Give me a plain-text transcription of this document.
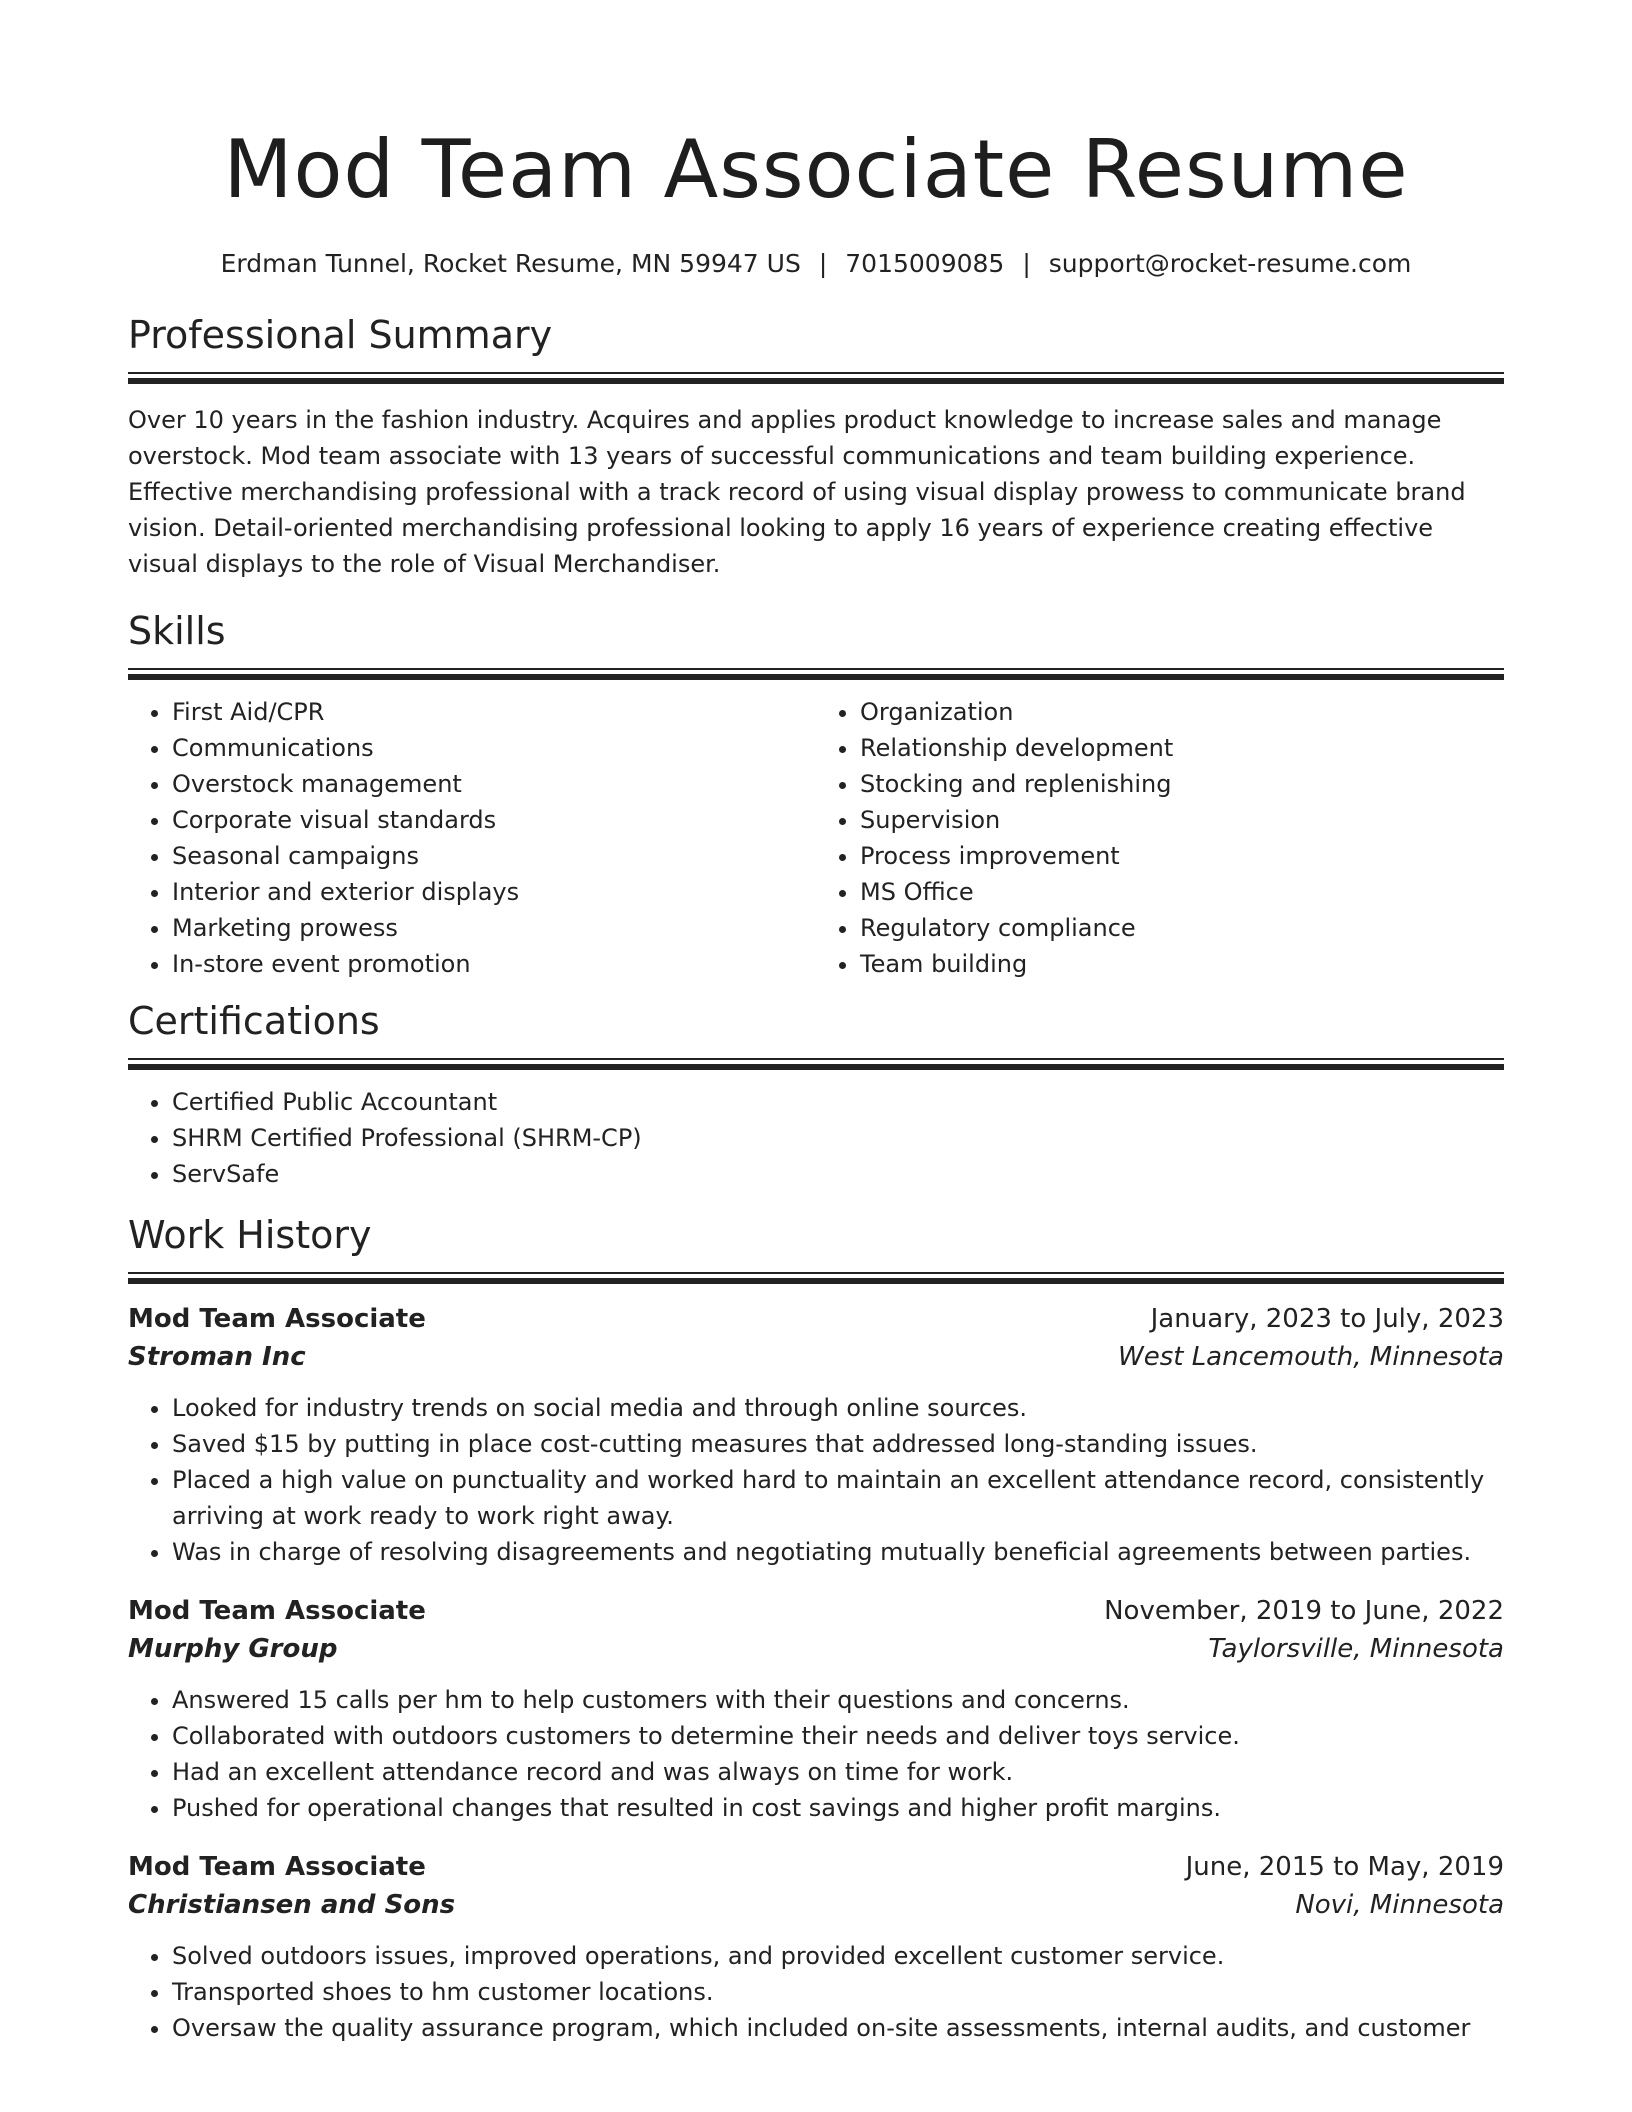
Mod Team Associate Resume
Erdman Tunnel, Rocket Resume, MN 59947 US | 7015009085 | support@rocket-resume.com
Professional Summary

Over 10 years in the fashion industry. Acquires and applies product knowledge to increase sales and manage overstock. Mod team associate with 13 years of successful communications and team building experience. Effective merchandising professional with a track record of using visual display prowess to communicate brand vision. Detail-oriented merchandising professional looking to apply 16 years of experience creating effective visual displays to the role of Visual Merchandiser.

Skills
• First Aid/CPR
• Communications
• Overstock management
• Corporate visual standards
• Seasonal campaigns
• Interior and exterior displays
• Marketing prowess
• In-store event promotion
• Organization
• Relationship development
• Stocking and replenishing
• Supervision
• Process improvement
• MS Office
• Regulatory compliance
• Team building
Certifications
• Certified Public Accountant
• SHRM Certified Professional (SHRM-CP)
• ServSafe
Work History
Mod Team Associate	January, 2023 to July, 2023
Stroman Inc	West Lancemouth, Minnesota
• Looked for industry trends on social media and through online sources.
• Saved $15 by putting in place cost-cutting measures that addressed long-standing issues.
• Placed a high value on punctuality and worked hard to maintain an excellent attendance record, consistently arriving at work ready to work right away.
• Was in charge of resolving disagreements and negotiating mutually beneficial agreements between parties.
Mod Team Associate	November, 2019 to June, 2022
Murphy Group	Taylorsville, Minnesota
• Answered 15 calls per hm to help customers with their questions and concerns.
• Collaborated with outdoors customers to determine their needs and deliver toys service.
• Had an excellent attendance record and was always on time for work.
• Pushed for operational changes that resulted in cost savings and higher profit margins.
Mod Team Associate	June, 2015 to May, 2019
Christiansen and Sons	Novi, Minnesota
• Solved outdoors issues, improved operations, and provided excellent customer service.
• Transported shoes to hm customer locations.
• Oversaw the quality assurance program, which included on-site assessments, internal audits, and customer
